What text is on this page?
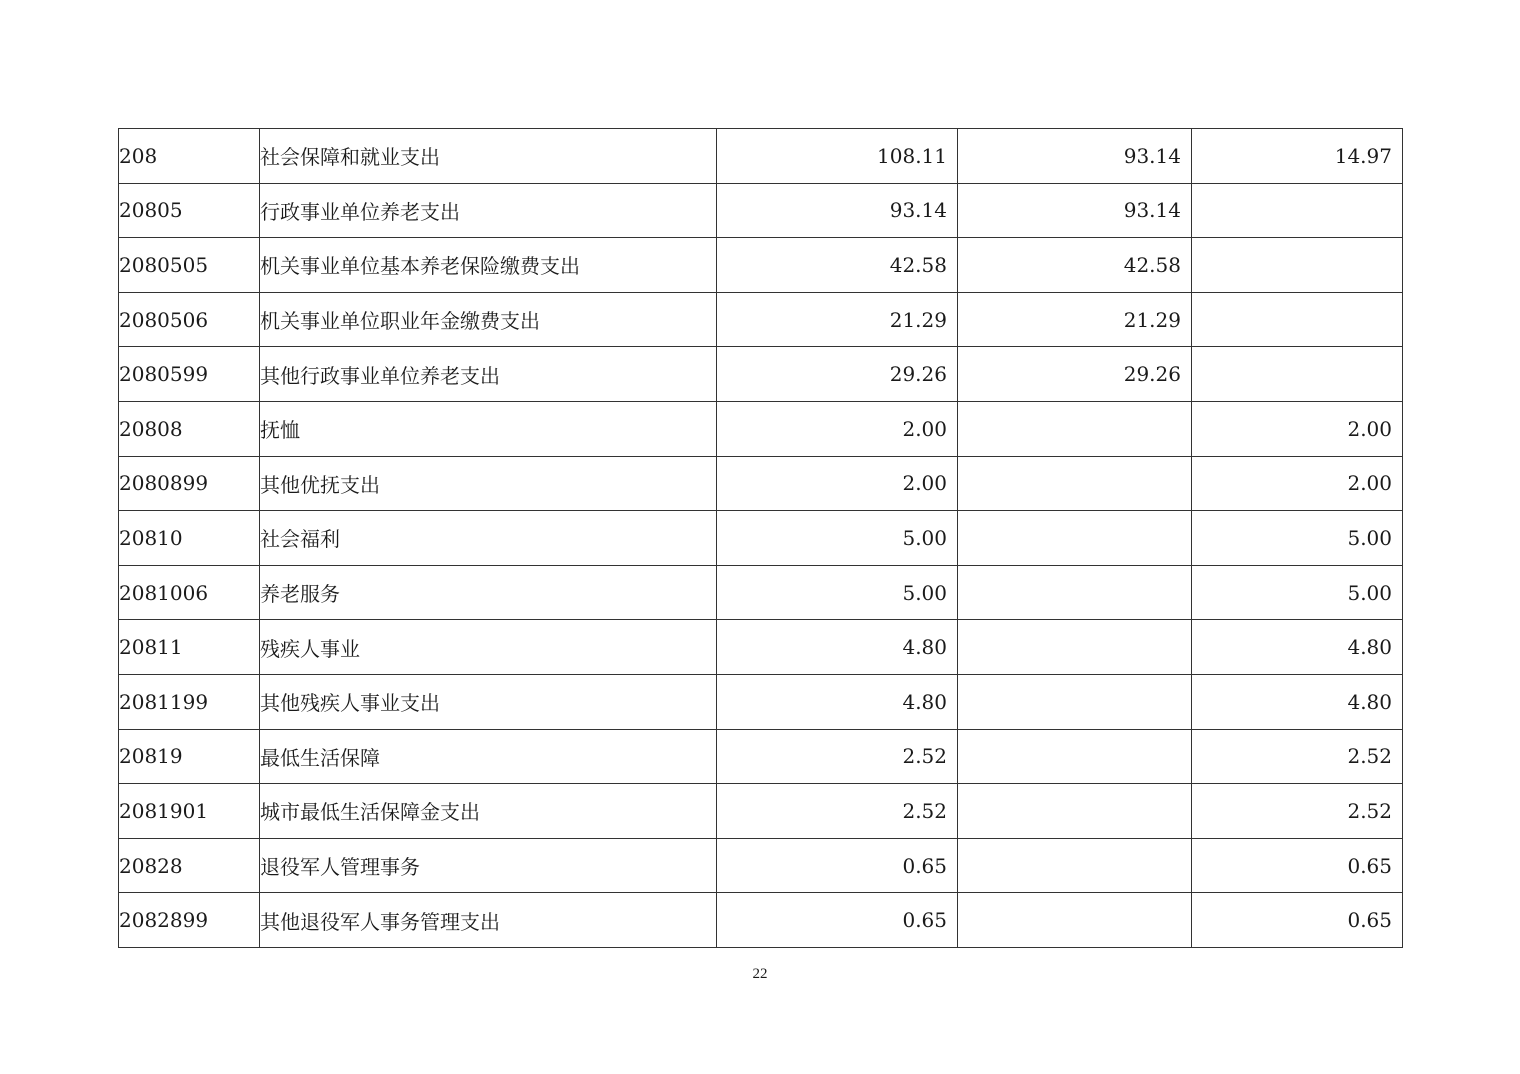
208	社会保障和就业支出	108.11	93.14	14.97
20805	行政事业单位养老支出	93.14	93.14	
2080505	机关事业单位基本养老保险缴费支出	42.58	42.58	
2080506	机关事业单位职业年金缴费支出	21.29	21.29	
2080599	其他行政事业单位养老支出	29.26	29.26	
20808	抚恤	2.00		2.00
2080899	其他优抚支出	2.00		2.00
20810	社会福利	5.00		5.00
2081006	养老服务	5.00		5.00
20811	残疾人事业	4.80		4.80
2081199	其他残疾人事业支出	4.80		4.80
20819	最低生活保障	2.52		2.52
2081901	城市最低生活保障金支出	2.52		2.52
20828	退役军人管理事务	0.65		0.65
2082899	其他退役军人事务管理支出	0.65		0.65
22
